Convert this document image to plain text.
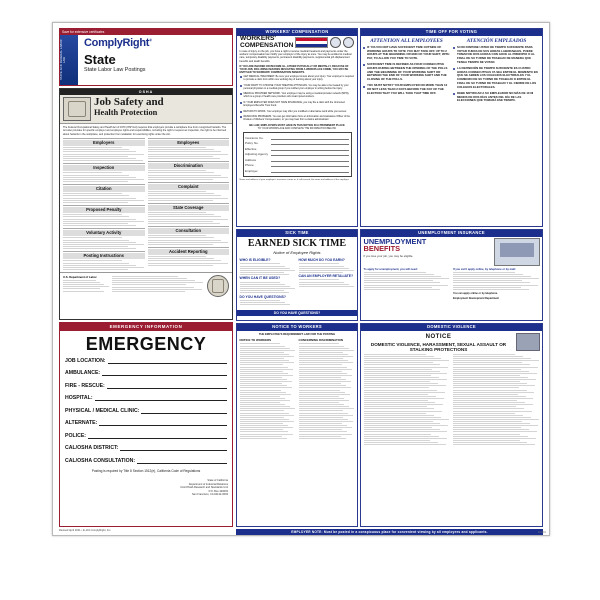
Save for extensive certificates
STATE AND FEDERAL LABOR LAW
ComplyRight®
State
State Labor Law Postings
OSHA
Job Safety and
Health Protection
The Federal Occupational Safety and Health Act of 1970 (OSH Act) requires that employers provide a workplace free from recognized hazards. The Act also provides for specific employer and employee rights and responsibilities, including the right to request an inspection, the right to be informed about hazards in the workplace, and protection from retaliation for exercising rights under the Act.
Employers
Inspection
Citation
Proposed Penalty
Voluntary Activity
Posting Instructions
Employees
Discrimination
Complaint
State Coverage
Consultation
Accident Reporting
U.S. Department of Labor
EMERGENCY INFORMATION
EMERGENCY
JOB LOCATION:
AMBULANCE:
FIRE - RESCUE:
HOSPITAL:
PHYSICAL / MEDICAL CLINIC:
ALTERNATE:
POLICE:
CAL/OSHA DISTRICT:
CAL/OSHA CONSULTATION:
Posting is required by Title 8 Section 1512(e), California Code of Regulations
State of California
Department of Industrial Relations
CAL/OSHA Research and Standards Unit
P.O. Box 420603
San Francisco, CA 94142-0603
WORKERS' COMPENSATION
WORKERS'
COMPENSATION
In case of injury on the job, you have a right to receive medical treatment and payments under the workers' compensation law. Notify your employer of the injury at once. You may be entitled to medical care, temporary disability payments, permanent disability payments, supplemental job displacement benefits and death benefits.
IF YOU ARE INJURED OR BECOME ILL, EITHER PHYSICALLY OR MENTALLY, BECAUSE OF YOUR JOB, INCLUDING INJURIES RESULTING FROM A WORKPLACE CRIME, YOU MAY BE ENTITLED TO WORKERS' COMPENSATION BENEFITS.
GET MEDICAL TREATMENT. Be sure your employer knows about your injury. Your employer is required to provide a claim form within one working day of learning about your injury.
YOUR RIGHT TO CHOOSE YOUR TREATING PHYSICIAN. You may be able to be treated by your personal physician or a medical group if you notified your employer in writing before the injury.
MEDICAL PROVIDER NETWORK. Your employer may be using a medical provider network (MPN), which is a group of health care providers who treat injured workers.
IF YOUR EMPLOYER DOES NOT HAVE INSURANCE, you may file a claim with the Uninsured Employers Benefits Trust Fund.
RETURN TO WORK. Your employer may offer you modified or alternative work while you recover.
RESOLVING PROBLEMS. You can get information from an Information and Assistance Officer of the Division of Workers' Compensation, or you may hear from a claims administrator.
BE LAW, EMPLOYERS MUST HAVE IN THIS NOTICE IN A PROMINENT PLACE
TO YOUR WORKPLACE AND COMPLETE THE INFORMATION BELOW:
Insurance Co.
Policy No.
Effective
Adjusting Agency
Address
Phone
Employer
Name and address of your employer's insurance carrier or, if self-insured, the name and address of the employer.
SICK TIME
EARNED SICK TIME
Notice of Employee Rights
WHO IS ELIGIBLE?
WHEN CAN IT BE USED?
DO YOU HAVE QUESTIONS?
HOW MUCH DO YOU EARN?
CAN AN EMPLOYER RETALIATE?
DO YOU HAVE QUESTIONS?
NOTICE TO WORKERS
THE EMPLOYEE'S REQUIREMENT LAW FOR THE POSTING
NOTICE TO WORKERS	CONCERNING DISCRIMINATION
TIME OFF FOR VOTING
ATTENTION ALL EMPLOYEES
IF YOU DO NOT HAVE SUFFICIENT TIME OUTSIDE OF WORKING HOURS TO VOTE YOU MAY TAKE OFF UP TO 2 HOURS AT THE BEGINNING OR END OF YOUR SHIFT, WITH PAY, TO ALLOW YOU TIME TO VOTE.
SUFFICIENT TIME IS DEFINED AS FOUR CONSECUTIVE HOURS DURING BETWEEN THE OPENING OF THE POLLS AND THE BEGINNING OF YOUR WORKING SHIFT OR BETWEEN THE END OF YOUR WORKING SHIFT AND THE CLOSING OF THE POLLS.
YOU MUST NOTIFY YOUR EMPLOYER NO MORE THAN 10 OR NOT LESS THAN 2 DAYS BEFORE THE DAY OF THE ELECTION THAT YOU WILL TAKE THAT TIME OFF.
ATENCIÓN EMPLEADOS
SI NO DISPONE USTED DE TIEMPO SUFICIENTE PARA VOTAR FUERA DE SUS HORAS LABORABLES, PUEDE TOMAR DE DOS HORAS CON GOCE AL PRINCIPIO O AL FINAL DE SU TURNO DE TRABAJO DE MANERA QUE TENGA TIEMPO DE VOTAR.
LA DEFINICIÓN DE TIEMPO SUFICIENTE ES CUATRO HORAS CONSECUTIVAS YA SEA ENTRE EL MOMENTO EN QUE SE ABREN LOS COLEGIOS ELECTORALES Y EL COMIENZO DE SU TURNO DE TRABAJO O ENTRE EL FINAL DE SU TURNO DE TRABAJO Y EL CIERRE DE LOS COLEGIOS ELECTORALES.
DEBE NOTIFICAR A SU EMPLEADOR NO MÁS DE 10 NI MENOS DE DOS DÍAS ANTES DEL DÍA DE LAS ELECCIONES QUE TOMARÁ ESE TIEMPO.
UNEMPLOYMENT INSURANCE
UNEMPLOYMENT
BENEFITS
If you lose your job, you may be eligible.
To apply for unemployment, you will need:	If you can't apply online, by telephone or by mail:
You can apply online or by telephone.
Employment Development Department
DOMESTIC VIOLENCE
NOTICE
DOMESTIC VIOLENCE, HARASSMENT, SEXUAL ASSAULT OR STALKING PROTECTIONS
EMPLOYER NOTE: Must be posted in a conspicuous place for convenient viewing by all employees and applicants.
Revised April 2021 • E-101 ComplyRight, Inc.
E-0001
